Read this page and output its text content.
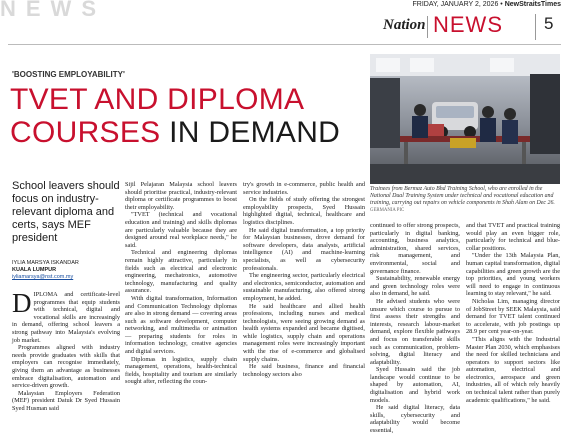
NEWS	FRIDAY, JANUARY 2, 2026 • NewStraitsTimes
Nation NEWS 5
'BOOSTING EMPLOYABILITY'
TVET AND DIPLOMA
COURSES IN DEMAND
School leavers should focus on industry-relevant diploma and certs, says MEF president
IYLIA MARSYA ISKANDAR
KUALA LUMPUR
iyliamarsya@nst.com.my
D IPLOMA and certificate-level programmes that equip students with technical, digital and vocational skills are increasingly in demand, offering school leavers a strong pathway into Malaysia's evolving job market.

Programmes aligned with industry needs provide graduates with skills that employers can recognise immediately, giving them an advantage as businesses embrace digitalisation, automation and service-driven growth.

Malaysian Employers Federation (MEF) president Datuk Dr Syed Hussain Syed Husman said

Sijil Pelajaran Malaysia school leavers should prioritise practical, industry-relevant diploma or certificate programmes to boost their employability.

"TVET (technical and vocational education and training) and skills diplomas are particularly valuable because they are designed around real workplace needs," he said.

Technical and engineering diplomas remain highly attractive, particularly in fields such as electrical and electronic engineering, mechatronics, automotive technology, manufacturing and quality assurance.

With digital transformation, Information and Communication Technology diplomas are also in strong demand — covering areas such as software development, computer networking, and multimedia or animation — preparing students for roles in information technology, creative agencies and digital services.

Diplomas in logistics, supply chain management, operations, health-technical fields, hospitality and tourism are similarly sought after, reflecting the coun-

try's growth in e-commerce, public health and service industries.

On the fields of study offering the strongest employability prospects, Syed Hussain highlighted digital, technical, healthcare and logistics disciplines.

He said digital transformation, a top priority for Malaysian businesses, drove demand for software developers, data analysts, artificial intelligence (AI) and machine-learning specialists, as well as cybersecurity professionals.

The engineering sector, particularly electrical and electronics, semiconductor, automation and sustainable manufacturing, also offered strong employment, he added.

He said healthcare and allied health professions, including nurses and medical technologists, were seeing growing demand as health systems expanded and became digitised, while logistics, supply chain and operations management roles were increasingly important with the rise of e-commerce and globalised supply chains.

He said business, finance and financial technology sectors also

Trainees from Bermaz Auto Bhd Training School, who are enrolled in the National Dual Training System under technical and vocational education and training, carrying out repairs on vehicle components in Shah Alam on Dec 26. GERMANIA PIC

continued to offer strong prospects, particularly in digital banking, accounting, business analytics, administration, shared services, risk management, and environmental, social and governance finance.

Sustainability, renewable energy and green technology roles were also in demand, he said.

He advised students who were unsure which course to pursue to first assess their strengths and interests, research labour-market demand, explore flexible pathways and focus on transferable skills such as communication, problem-solving, digital literacy and adaptability.

Syed Hussain said the job landscape would continue to be shaped by automation, AI, digitalisation and hybrid work models.

He said digital literacy, data skills, cybersecurity and adaptability would become essential,

and that TVET and practical training would play an even bigger role, particularly for technical and blue-collar positions.

"Under the 13th Malaysia Plan, human capital transformation, digital capabilities and green growth are the top priorities, and young workers will need to engage in continuous learning to stay relevant," he said.

Nicholas Lim, managing director of JobStreet by SEEK Malaysia, said demand for TVET talent continued to accelerate, with job postings up 28.9 per cent year-on-year.

"This aligns with the Industrial Master Plan 2030, which emphasises the need for skilled technicians and operators to support sectors like automation, electrical and electronics, aerospace and green industries, all of which rely heavily on technical talent rather than purely academic qualifications," he said.
